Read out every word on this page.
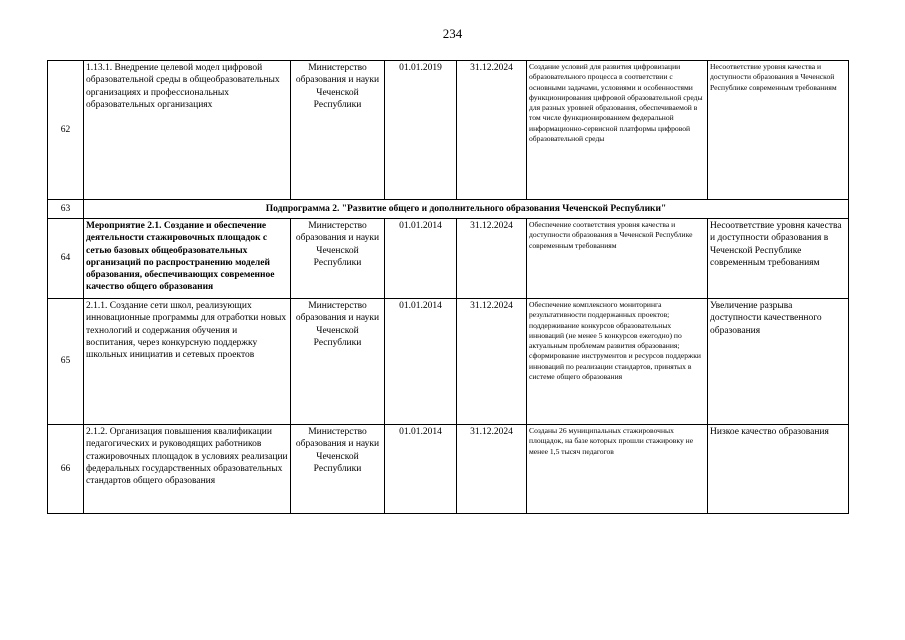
234
62	1.13.1. Внедрение целевой модел цифровой образовательной среды в общеобразовательных организациях и профессиональных образовательных организациях	Министерство образования и науки Чеченской Республики	01.01.2019	31.12.2024	Создание условий для развития цифровизации образовательного процесса в соответствии с основными задачами, условиями и особенностями функционирования цифровой образовательной среды для разных уровней образования, обеспечиваемой в том числе функционированием федеральной информационно-сервисной платформы цифровой образовательной среды	Несоответствие уровня качества и доступности образования в Чеченской Республике современным требованиям
63	Подпрограмма 2. "Развитие общего и дополнительного образования Чеченской Республики"					
64	Мероприятие 2.1. Создание и обеспечение деятельности стажировочных площадок с сетью базовых общеобразовательных организаций по распространению моделей образования, обеспечивающих современное качество общего образования	Министерство образования и науки Чеченской Республики	01.01.2014	31.12.2024	Обеспечение соответствия уровня качества и доступности образования в Чеченской Республике современным требованиям	Несоответствие уровня качества и доступности образования в Чеченской Республике современным требованиям
65	2.1.1. Создание сети школ, реализующих инновационные программы для отработки новых технологий и содержания обучения и воспитания, через конкурсную поддержку школьных инициатив и сетевых проектов	Министерство образования и науки Чеченской Республики	01.01.2014	31.12.2024	Обеспечение комплексного мониторинга результативности поддержанных проектов; поддерживание конкурсов образовательных инноваций (не менее 5 конкурсов ежегодно) по актуальным проблемам развития образования; сформирование инструментов и ресурсов поддержки инноваций по реализации стандартов, принятых в системе общего образования	Увеличение разрыва доступности качественного образования
66	2.1.2. Организация повышения квалификации педагогических и руководящих работников стажировочных площадок в условиях реализации федеральных государственных образовательных стандартов общего образования	Министерство образования и науки Чеченской Республики	01.01.2014	31.12.2024	Созданы 26 муниципальных стажировочных площадок, на базе которых прошли стажировку не менее 1,5 тысяч педагогов	Низкое качество образования
